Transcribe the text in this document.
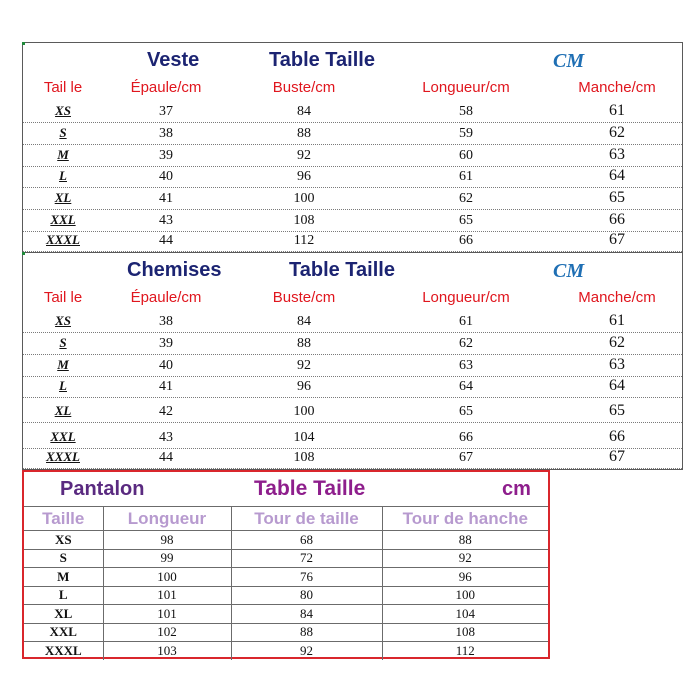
Veste	Table Taille	CM
Tail le	Épaule/cm	Buste/cm	Longueur/cm	Manche/cm
XS	37	84	58	61
S	38	88	59	62
M	39	92	60	63
L	40	96	61	64
XL	41	100	62	65
XXL	43	108	65	66
XXXL	44	112	66	67
Chemises	Table Taille	CM
Tail le	Épaule/cm	Buste/cm	Longueur/cm	Manche/cm
XS	38	84	61	61
S	39	88	62	62
M	40	92	63	63
L	41	96	64	64
XL	42	100	65	65
XXL	43	104	66	66
XXXL	44	108	67	67
Pantalon	Table Taille	cm
Taille	Longueur	Tour de taille	Tour de hanche
XS	98	68	88
S	99	72	92
M	100	76	96
L	101	80	100
XL	101	84	104
XXL	102	88	108
XXXL	103	92	112
